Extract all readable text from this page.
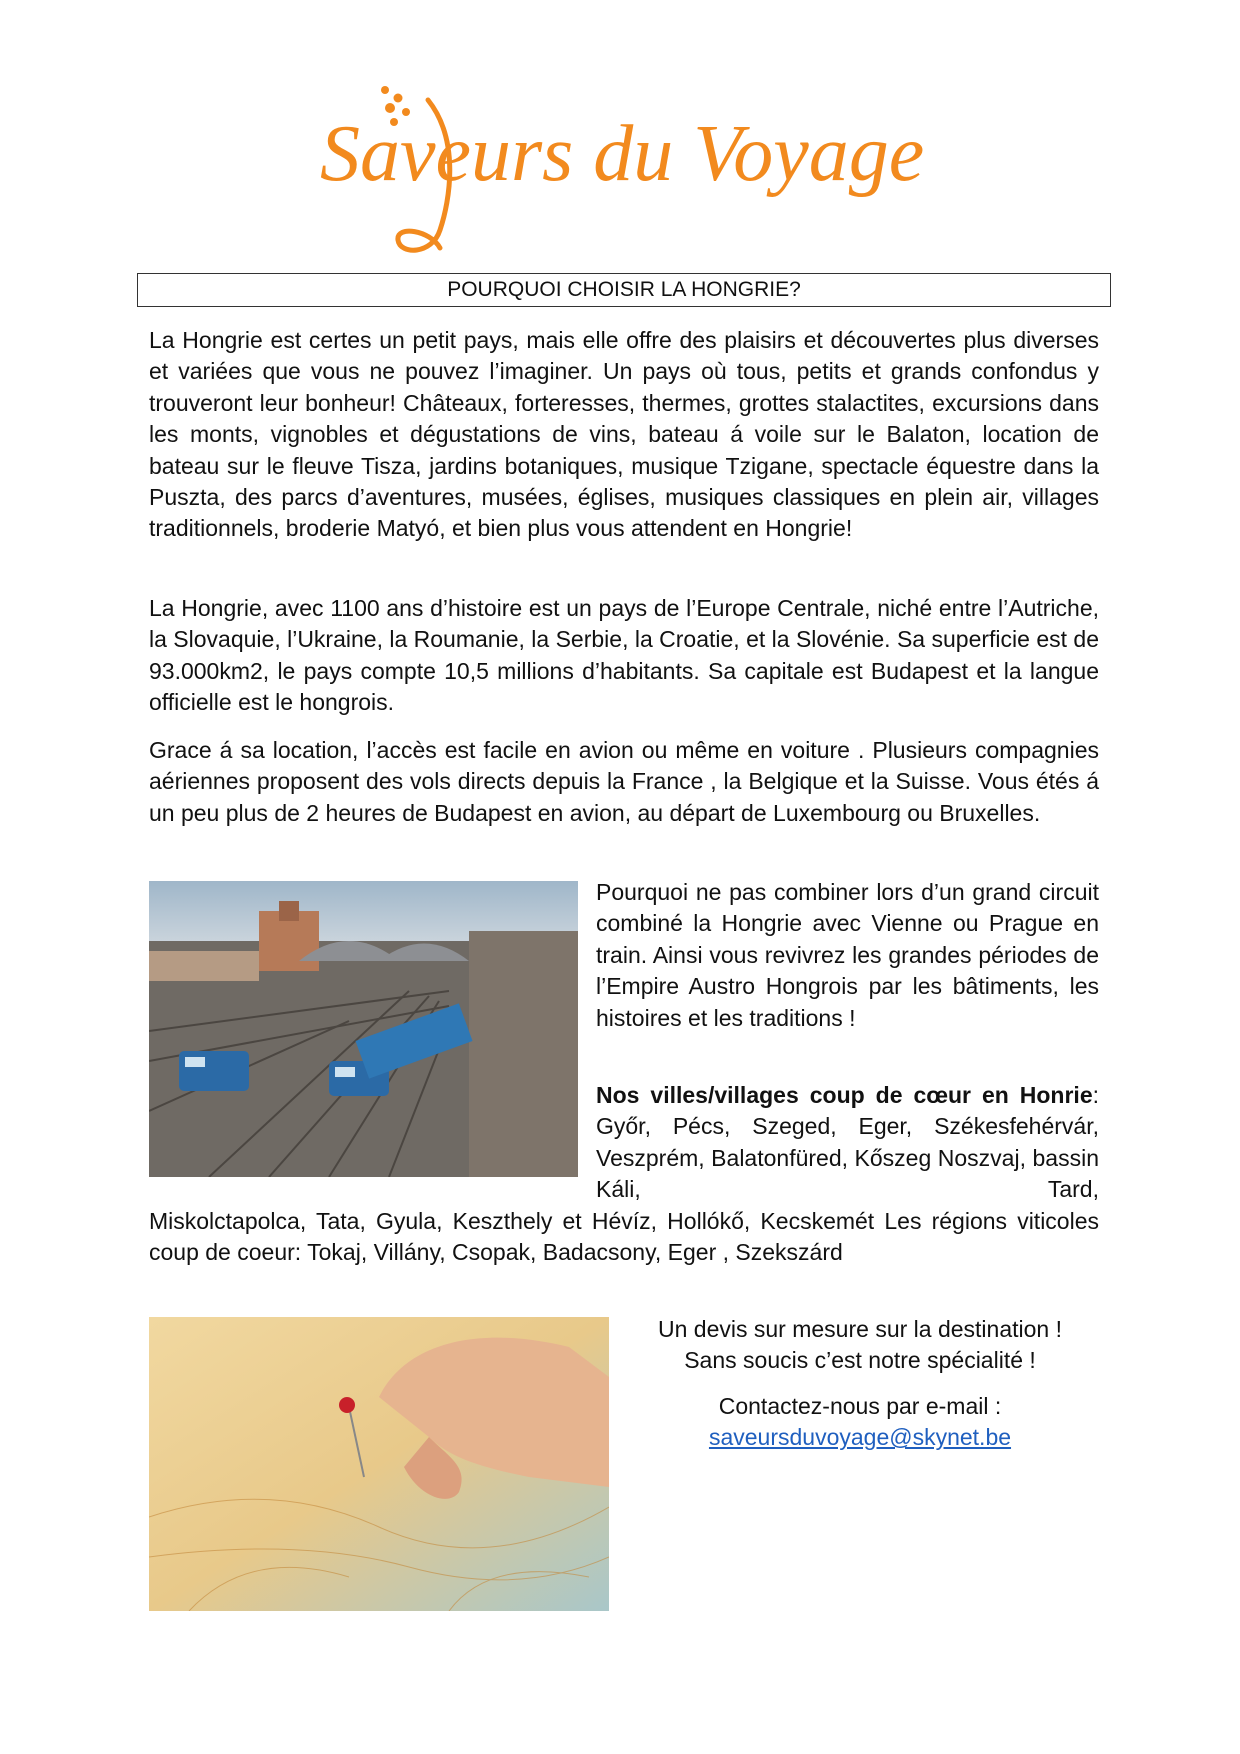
Saveurs du Voyage
POURQUOI CHOISIR LA HONGRIE?

La Hongrie est certes un petit pays, mais elle offre des plaisirs et découvertes plus diverses et variées que vous ne pouvez l’imaginer. Un pays où tous, petits et grands confondus y trouveront leur bonheur! Châteaux, forteresses, thermes, grottes stalactites, excursions dans les monts, vignobles et dégustations de vins, bateau á voile sur le Balaton, location de bateau sur le fleuve Tisza, jardins botaniques, musique Tzigane, spectacle équestre dans la Puszta, des parcs d’aventures, musées, églises, musiques classiques en plein air, villages traditionnels, broderie Matyó, et bien plus vous attendent en Hongrie!

La Hongrie, avec 1100 ans d’histoire est un pays de l’Europe Centrale, niché entre l’Autriche, la Slovaquie, l’Ukraine, la Roumanie, la Serbie, la Croatie, et la Slovénie. Sa superficie est de 93.000km2, le pays compte 10,5 millions d’habitants. Sa capitale est Budapest et la langue officielle est le hongrois.

Grace á sa location, l’accès est facile en avion ou même en voiture . Plusieurs compagnies aériennes proposent des vols directs depuis la France , la Belgique et la Suisse. Vous étés á un peu plus de 2 heures de Budapest en avion, au départ de Luxembourg ou Bruxelles.

Pourquoi ne pas combiner lors d’un grand circuit combiné la Hongrie avec Vienne ou Prague en train. Ainsi vous revivrez les grandes périodes de l’Empire Austro Hongrois par les bâtiments, les histoires et les traditions !

Nos villes/villages coup de cœur en Honrie: Győr, Pécs, Szeged, Eger, Székesfehérvár, Veszprém, Balatonfüred, Kőszeg Noszvaj, bassin Káli, Tard,

Miskolctapolca, Tata, Gyula, Keszthely et Hévíz, Hollókő, Kecskemét Les régions viticoles coup de coeur: Tokaj, Villány, Csopak, Badacsony, Eger , Szekszárd

Un devis sur mesure sur la destination !
Sans soucis c’est notre spécialité !
Contactez-nous par e-mail :
saveursduvoyage@skynet.be
